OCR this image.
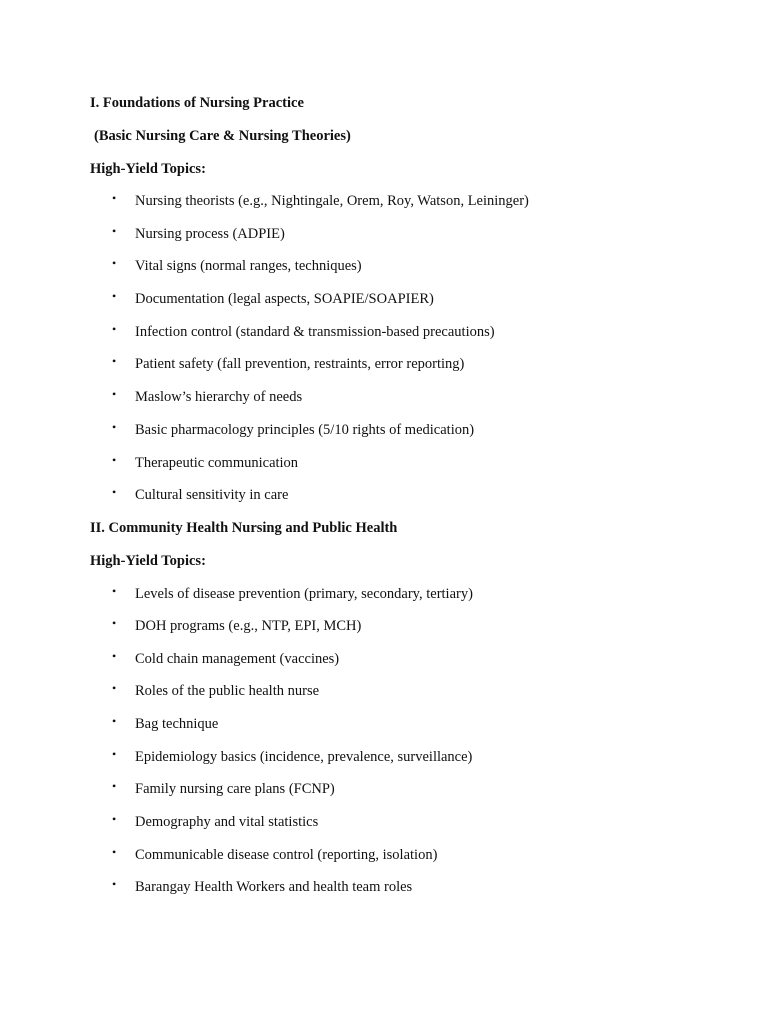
I. Foundations of Nursing Practice
(Basic Nursing Care & Nursing Theories)
High-Yield Topics:
• Nursing theorists (e.g., Nightingale, Orem, Roy, Watson, Leininger)
• Nursing process (ADPIE)
• Vital signs (normal ranges, techniques)
• Documentation (legal aspects, SOAPIE/SOAPIER)
• Infection control (standard & transmission-based precautions)
• Patient safety (fall prevention, restraints, error reporting)
• Maslow’s hierarchy of needs
• Basic pharmacology principles (5/10 rights of medication)
• Therapeutic communication
• Cultural sensitivity in care
II. Community Health Nursing and Public Health
High-Yield Topics:
• Levels of disease prevention (primary, secondary, tertiary)
• DOH programs (e.g., NTP, EPI, MCH)
• Cold chain management (vaccines)
• Roles of the public health nurse
• Bag technique
• Epidemiology basics (incidence, prevalence, surveillance)
• Family nursing care plans (FCNP)
• Demography and vital statistics
• Communicable disease control (reporting, isolation)
• Barangay Health Workers and health team roles
